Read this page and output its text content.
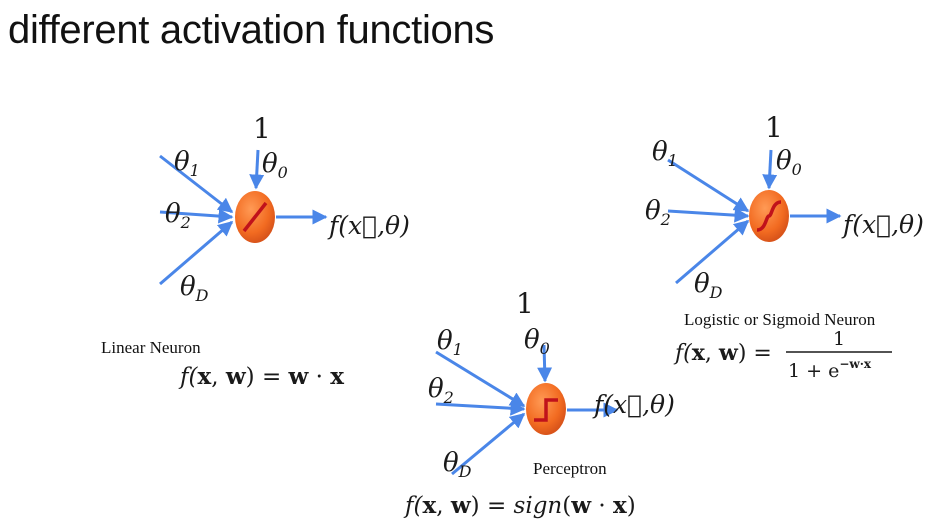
different activation functions
1
$\theta_1$
$\theta_2$
$\theta_D$
$\theta_0$
f(x⃗,θ)
Linear Neuron
f(x, w) = w · x
1
$\theta_1$
$\theta_2$
$\theta_D$
$\theta_0$
f(x⃗,θ)
Logistic or Sigmoid Neuron
f(x, w) =
1
$1 + e^{-w\cdot x}$
1
$\theta_1$
$\theta_2$
$\theta_D$
$\theta_0$
f(x⃗,θ)
Perceptron
f(x, w) = sign(w · x)
